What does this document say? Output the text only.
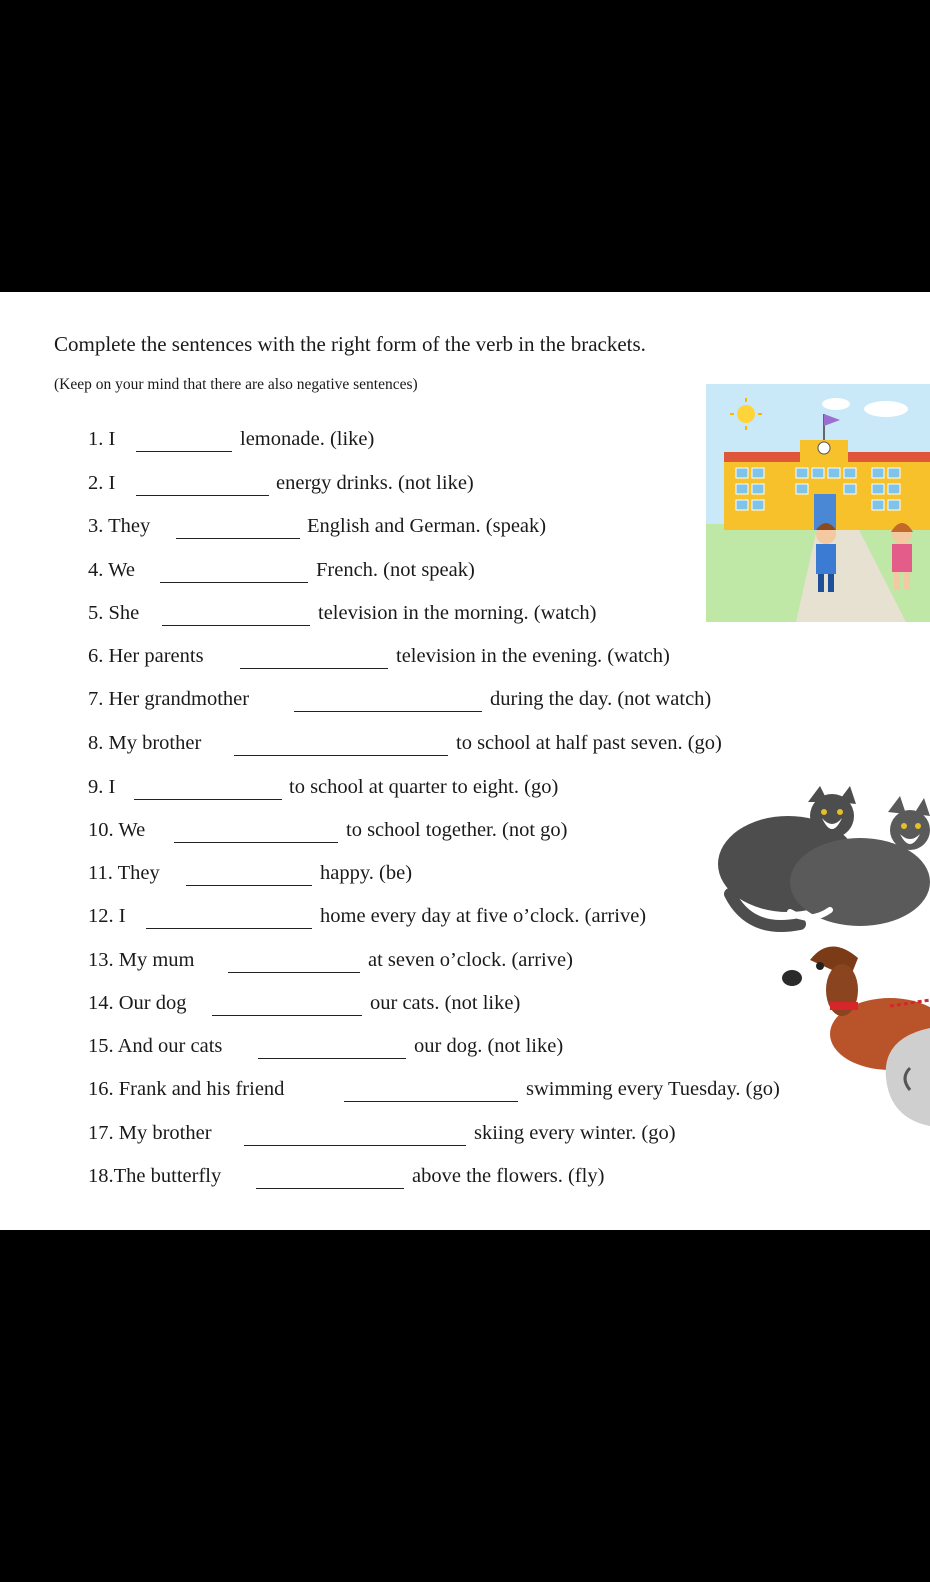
Complete the sentences with the right form of the verb in the brackets.
(Keep on your mind that there are also negative sentences)
1. I	lemonade. (like)
2. I	energy drinks. (not like)
3. They	English and German. (speak)
4. We	French. (not speak)
5. She	television in the morning. (watch)
6. Her parents	television in the evening. (watch)
7. Her grandmother	during the day. (not watch)
8. My brother	to school at half past seven. (go)
9. I	to school at quarter to eight. (go)
10. We	to school together. (not go)
11. They	happy. (be)
12. I	home every day at five o’clock. (arrive)
13. My mum	at seven o’clock. (arrive)
14. Our dog	our cats. (not like)
15. And our cats	our dog. (not like)
16. Frank and his friend	swimming every Tuesday. (go)
17. My brother	skiing every winter. (go)
18.The butterfly	above the flowers. (fly)
